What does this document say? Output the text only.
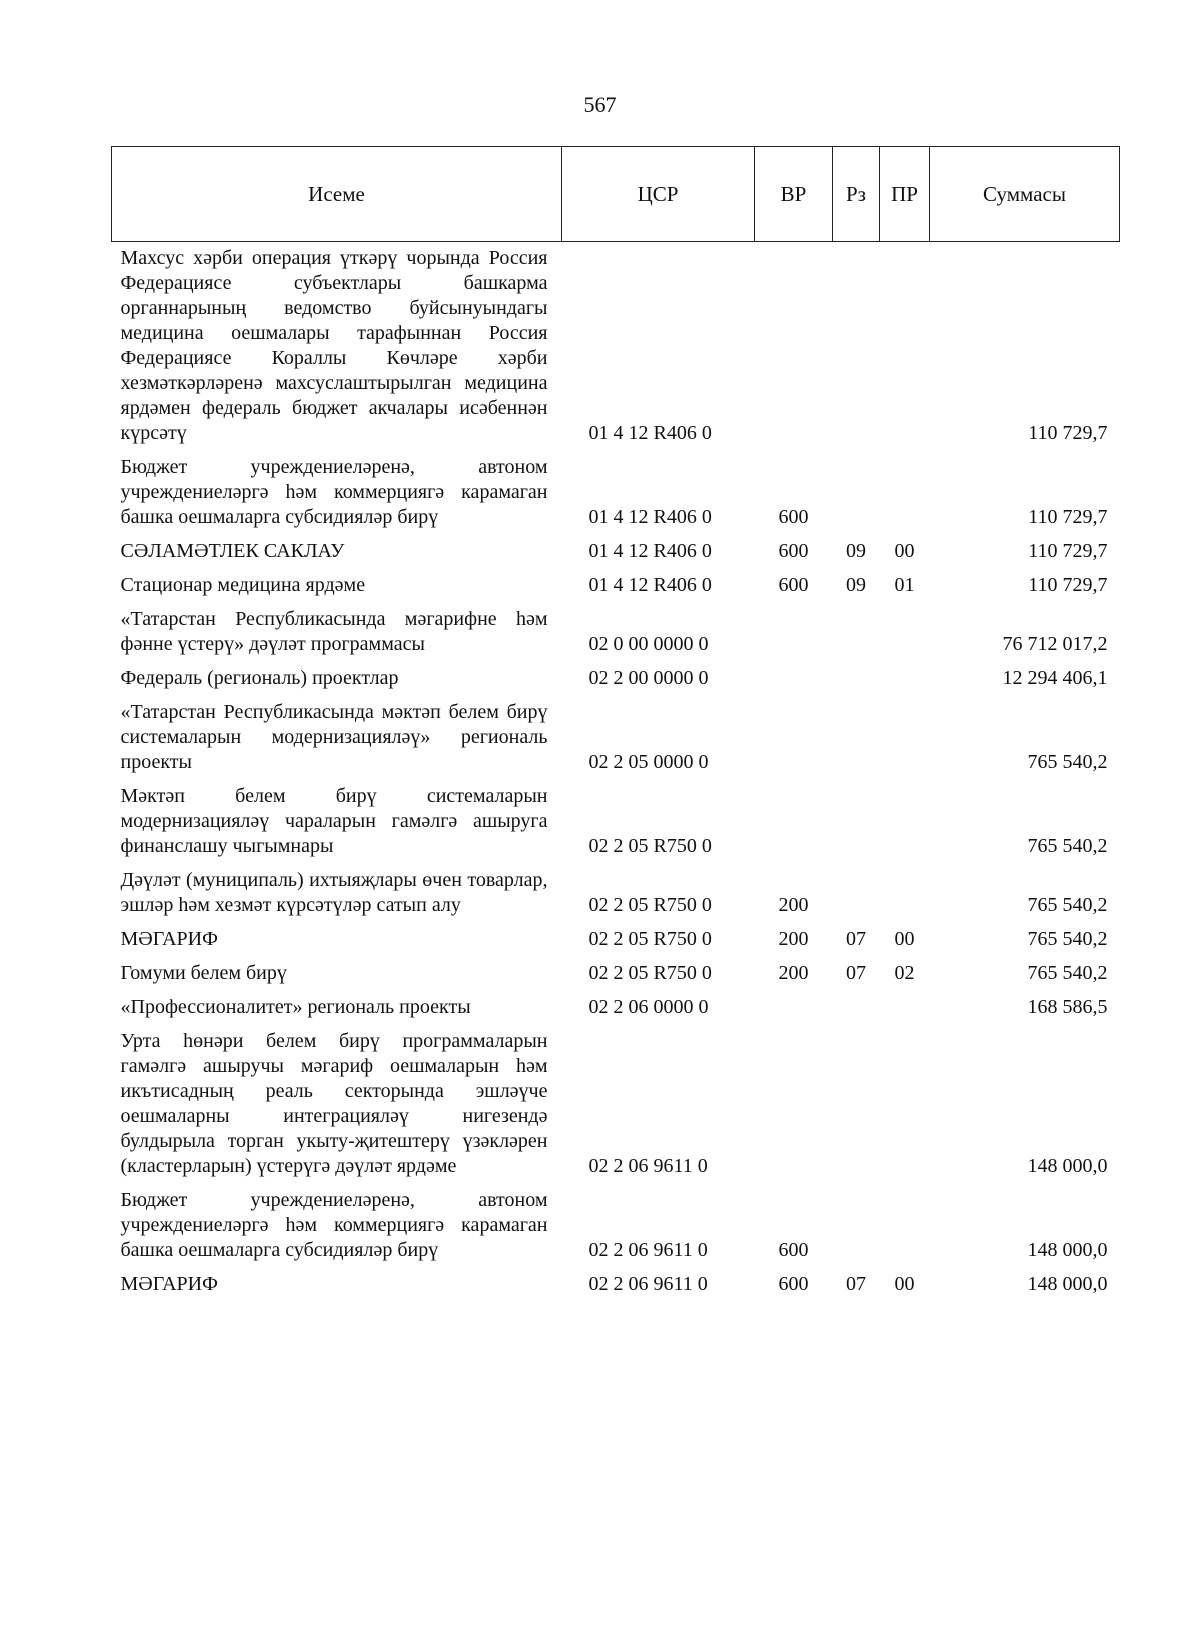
567
Исеме	ЦСР	ВР	Рз	ПР	Суммасы
Махсус хәрби операция үткәрү чорында Россия Федерациясе субъектлары башкарма органнарының ведомство буйсынуындагы медицина оешмалары тарафыннан Россия Федерациясе Кораллы Көчләре хәрби хезмәткәрләренә махсуслаштырылган медицина ярдәмен федераль бюджет акчалары исәбеннән күрсәтү	01 4 12 R406 0				110 729,7
Бюджет учреждениеләренә, автоном учреждениеләргә һәм коммерциягә карамаган башка оешмаларга субсидияләр бирү	01 4 12 R406 0	600			110 729,7
СӘЛАМӘТЛЕК САКЛАУ	01 4 12 R406 0	600	09	00	110 729,7
Стационар медицина ярдәме	01 4 12 R406 0	600	09	01	110 729,7
«Татарстан Республикасында мәгарифне һәм фәнне үстерү» дәүләт программасы	02 0 00 0000 0				76 712 017,2
Федераль (региональ) проектлар	02 2 00 0000 0				12 294 406,1
«Татарстан Республикасында мәктәп белем бирү системаларын модернизацияләү» региональ проекты	02 2 05 0000 0				765 540,2
Мәктәп белем бирү системаларын модернизацияләү чараларын гамәлгә ашыруга финанслашу чыгымнары	02 2 05 R750 0				765 540,2
Дәүләт (муниципаль) ихтыяҗлары өчен товарлар, эшләр һәм хезмәт күрсәтүләр сатып алу	02 2 05 R750 0	200			765 540,2
МӘГАРИФ	02 2 05 R750 0	200	07	00	765 540,2
Гомуми белем бирү	02 2 05 R750 0	200	07	02	765 540,2
«Профессионалитет» региональ проекты	02 2 06 0000 0				168 586,5
Урта һөнәри белем бирү программаларын гамәлгә ашыручы мәгариф оешмаларын һәм икътисадның реаль секторында эшләүче оешмаларны интеграцияләү нигезендә булдырыла торган укыту-җитештерү үзәкләрен (кластерларын) үстерүгә дәүләт ярдәме	02 2 06 9611 0				148 000,0
Бюджет учреждениеләренә, автоном учреждениеләргә һәм коммерциягә карамаган башка оешмаларга субсидияләр бирү	02 2 06 9611 0	600			148 000,0
МӘГАРИФ	02 2 06 9611 0	600	07	00	148 000,0
